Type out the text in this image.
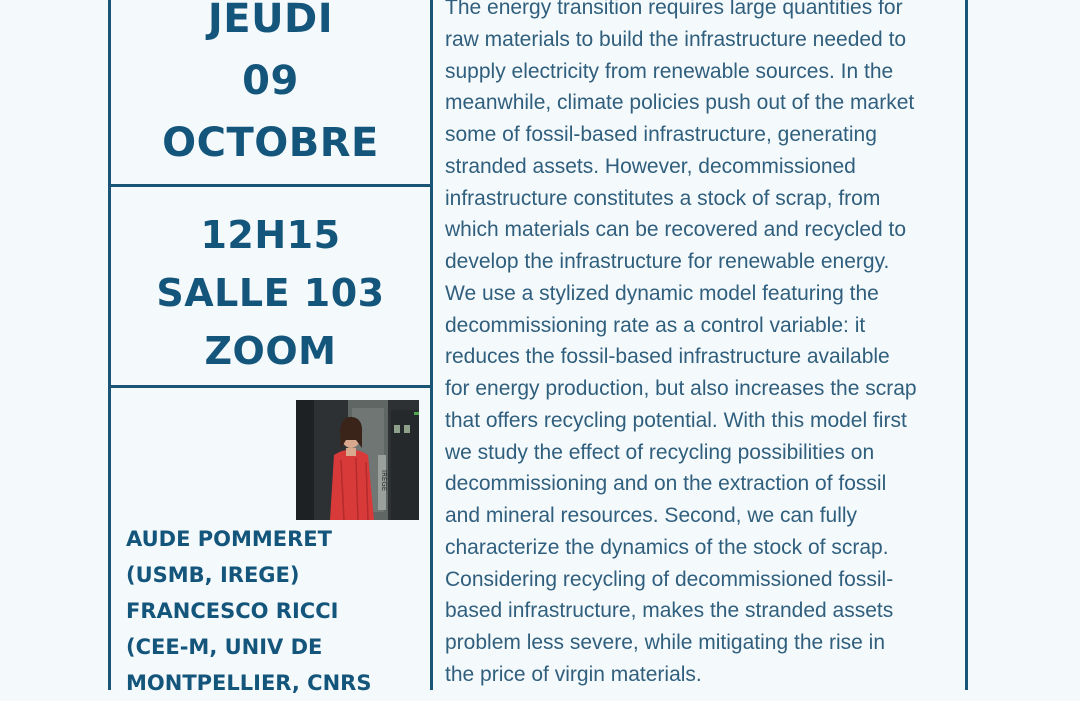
JEUDI
09
OCTOBRE
12H15
SALLE 103
ZOOM
IREGE
AUDE POMMERET
(USMB, IREGE)
FRANCESCO RICCI
(CEE-M, UNIV DE
MONTPELLIER, CNRS
The energy transition requires large quantities for
raw materials to build the infrastructure needed to
supply electricity from renewable sources. In the
meanwhile, climate policies push out of the market
some of fossil-based infrastructure, generating
stranded assets. However, decommissioned
infrastructure constitutes a stock of scrap, from
which materials can be recovered and recycled to
develop the infrastructure for renewable energy.
We use a stylized dynamic model featuring the
decommissioning rate as a control variable: it
reduces the fossil-based infrastructure available
for energy production, but also increases the scrap
that offers recycling potential. With this model first
we study the effect of recycling possibilities on
decommissioning and on the extraction of fossil
and mineral resources. Second, we can fully
characterize the dynamics of the stock of scrap.
Considering recycling of decommissioned fossil-
based infrastructure, makes the stranded assets
problem less severe, while mitigating the rise in
the price of virgin materials.
